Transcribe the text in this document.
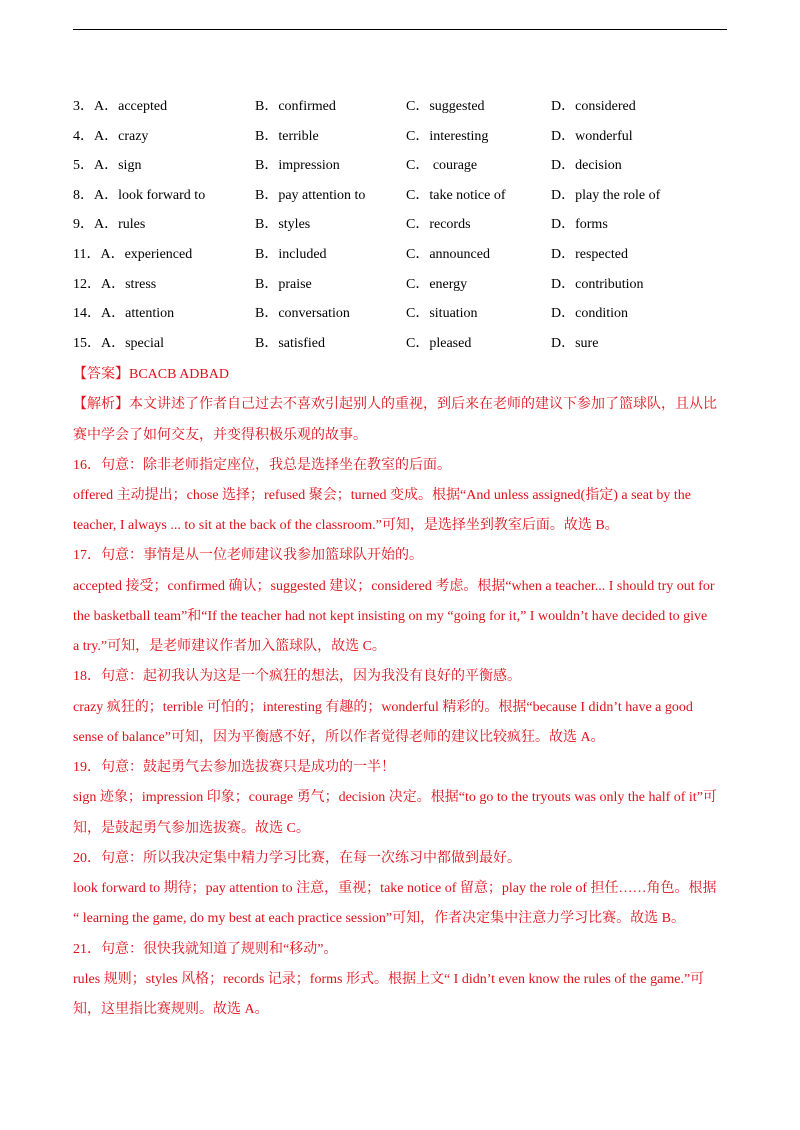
3．A．accepted	B．confirmed	C．suggested	D．considered
4．A．crazy	B．terrible	C．interesting	D．wonderful
5．A．sign	B．impression	C． courage	D．decision
8．A．look forward to	B．pay attention to	C．take notice of	D．play the role of
9．A．rules	B．styles	C．records	D．forms
11．A．experienced	B．included	C．announced	D．respected
12．A．stress	B．praise	C．energy	D．contribution
14．A．attention	B．conversation	C．situation	D．condition
15．A．special	B．satisfied	C．pleased	D．sure
【答案】BCACB ADBAD
【解析】本文讲述了作者自己过去不喜欢引起别人的重视，到后来在老师的建议下参加了篮球队，且从比
赛中学会了如何交友，并变得积极乐观的故事。
16．句意：除非老师指定座位，我总是选择坐在教室的后面。
offered 主动提出；chose 选择；refused 聚会；turned 变成。根据“And unless assigned(指定) a seat by the
teacher, I always ... to sit at the back of the classroom.”可知，是选择坐到教室后面。故选 B。
17．句意：事情是从一位老师建议我参加篮球队开始的。
accepted 接受；confirmed 确认；suggested 建议；considered 考虑。根据“when a teacher... I should try out for
the basketball team”和“If the teacher had not kept insisting on my “going for it,” I wouldn’t have decided to give
a try.”可知，是老师建议作者加入篮球队，故选 C。
18．句意：起初我认为这是一个疯狂的想法，因为我没有良好的平衡感。
crazy 疯狂的；terrible 可怕的；interesting 有趣的；wonderful 精彩的。根据“because I didn’t have a good
sense of balance”可知，因为平衡感不好，所以作者觉得老师的建议比较疯狂。故选 A。
19．句意：鼓起勇气去参加选拔赛只是成功的一半！
sign 迹象；impression 印象；courage 勇气；decision 决定。根据“to go to the tryouts was only the half of it”可
知，是鼓起勇气参加选拔赛。故选 C。
20．句意：所以我决定集中精力学习比赛，在每一次练习中都做到最好。
look forward to 期待；pay attention to 注意，重视；take notice of 留意；play the role of 担任……角色。根据
“ learning the game, do my best at each practice session”可知，作者决定集中注意力学习比赛。故选 B。
21．句意：很快我就知道了规则和“移动”。
rules 规则；styles 风格；records 记录；forms 形式。根据上文“ I didn’t even know the rules of the game.”可
知，这里指比赛规则。故选 A。
